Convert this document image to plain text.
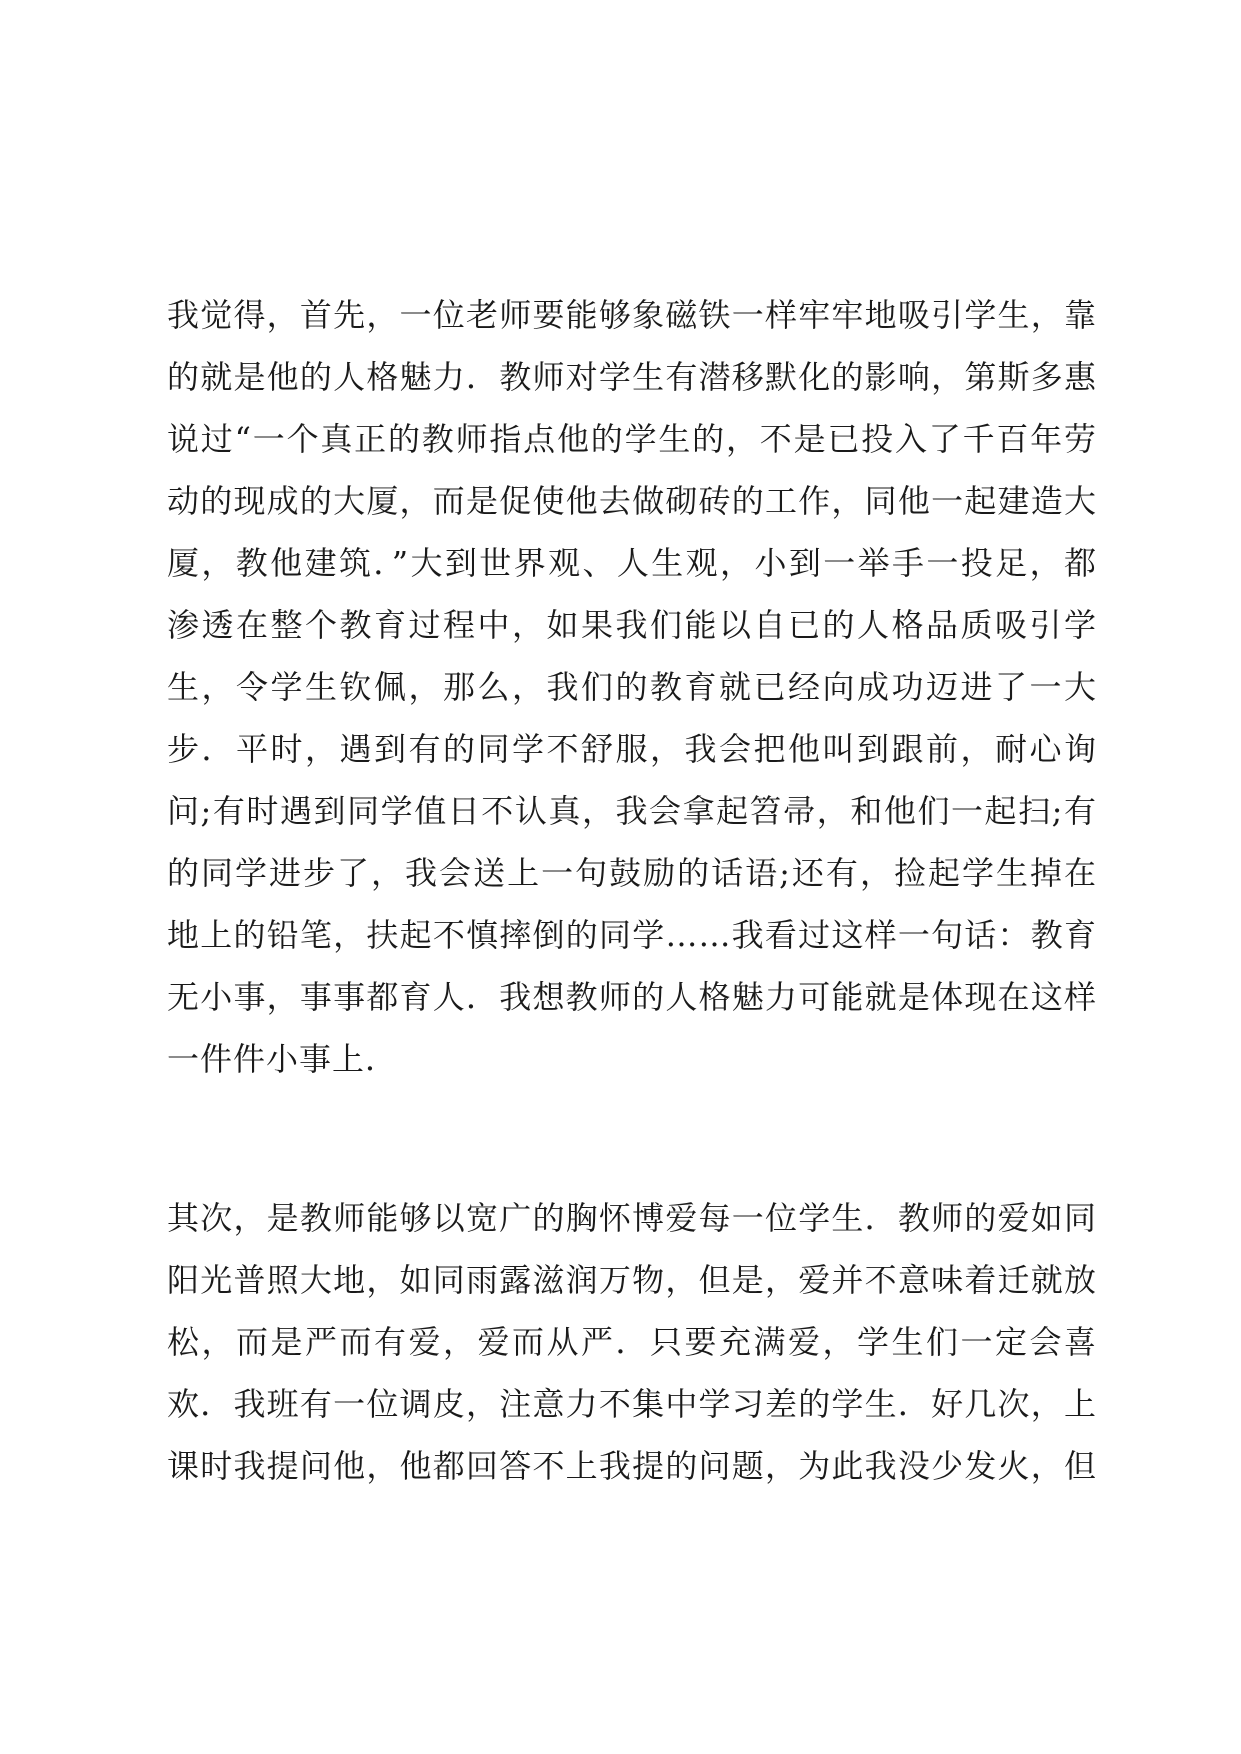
我觉得，首先，一位老师要能够象磁铁一样牢牢地吸引学生，靠
的就是他的人格魅力．教师对学生有潜移默化的影响，第斯多惠
说过“一个真正的教师指点他的学生的，不是已投入了千百年劳
动的现成的大厦，而是促使他去做砌砖的工作，同他一起建造大
厦，教他建筑．”大到世界观、人生观，小到一举手一投足，都
渗透在整个教育过程中，如果我们能以自已的人格品质吸引学
生，令学生钦佩，那么，我们的教育就已经向成功迈进了一大
步．平时，遇到有的同学不舒服，我会把他叫到跟前，耐心询
问;有时遇到同学值日不认真，我会拿起笤帚，和他们一起扫;有
的同学进步了，我会送上一句鼓励的话语;还有，捡起学生掉在
地上的铅笔，扶起不慎摔倒的同学……我看过这样一句话：教育
无小事，事事都育人．我想教师的人格魅力可能就是体现在这样
一件件小事上．
其次，是教师能够以宽广的胸怀博爱每一位学生．教师的爱如同
阳光普照大地，如同雨露滋润万物，但是，爱并不意味着迁就放
松，而是严而有爱，爱而从严．只要充满爱，学生们一定会喜
欢．我班有一位调皮，注意力不集中学习差的学生．好几次，上
课时我提问他，他都回答不上我提的问题，为此我没少发火，但
